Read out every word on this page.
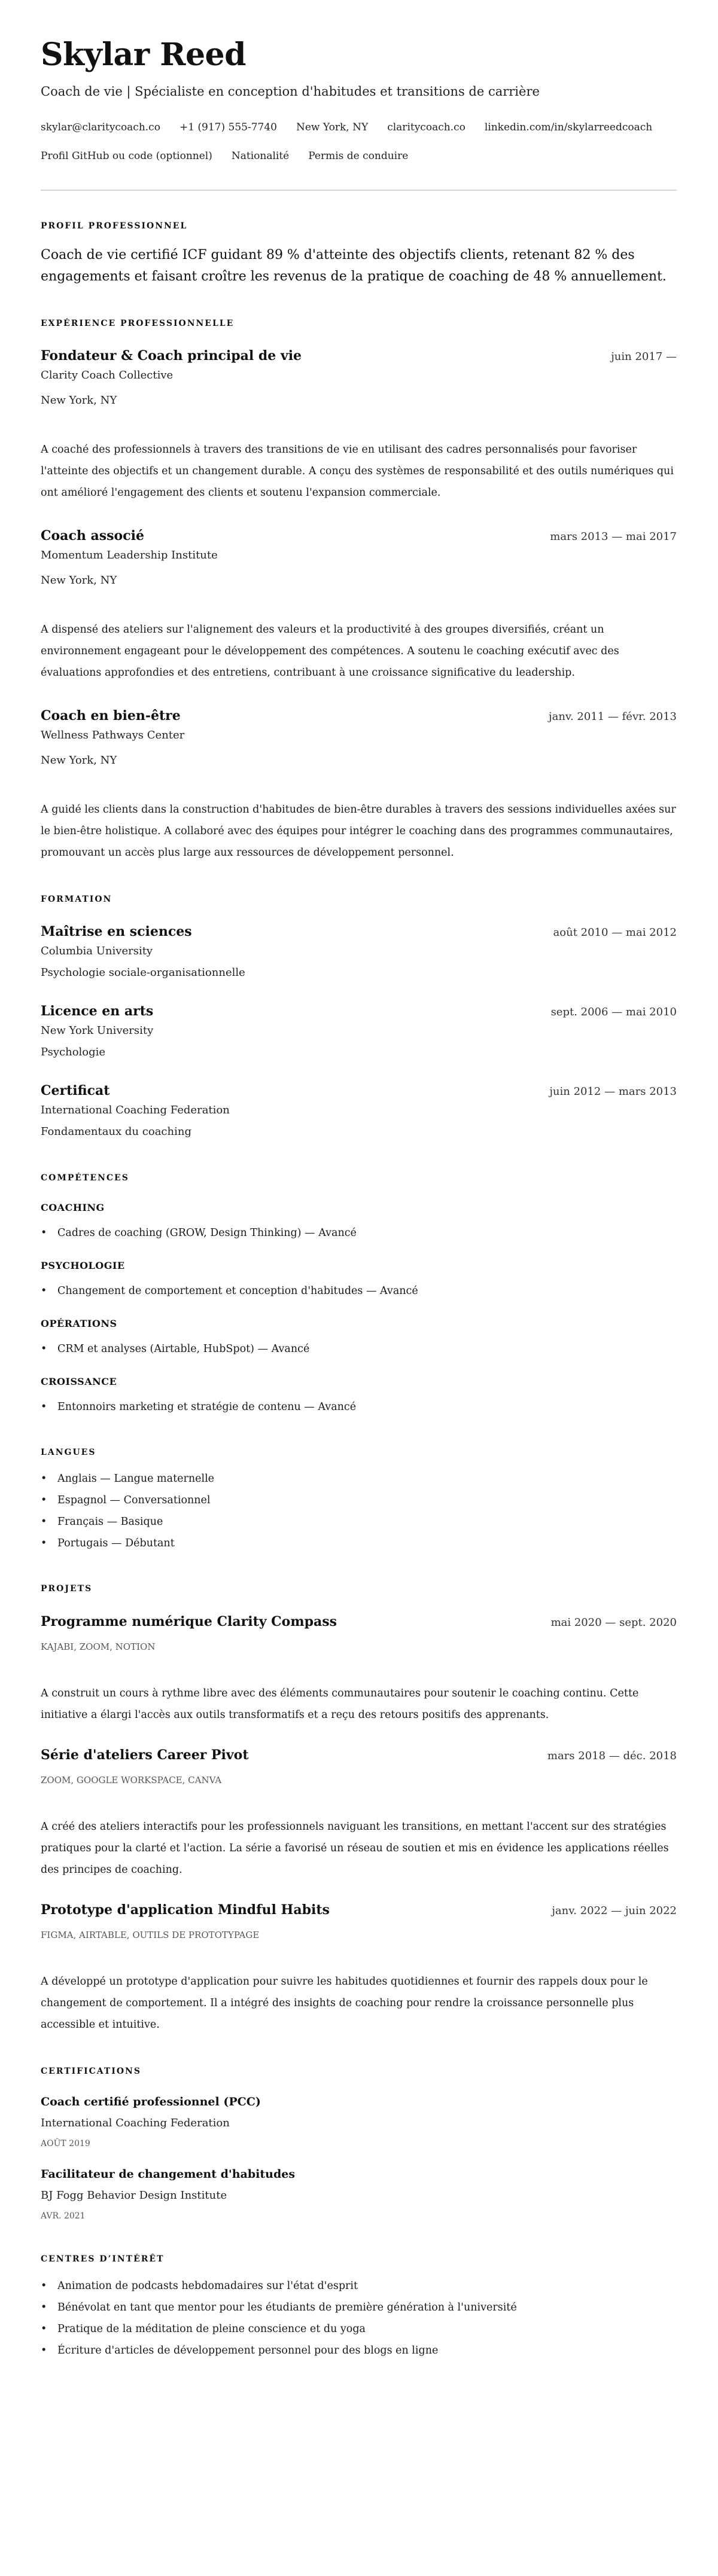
Skylar Reed
Coach de vie | Spécialiste en conception d'habitudes et transitions de carrière
skylar@claritycoach.co +1 (917) 555-7740 New York, NY claritycoach.co linkedin.com/in/skylarreedcoach
Profil GitHub ou code (optionnel) Nationalité Permis de conduire
PROFIL PROFESSIONNEL

Coach de vie certifié ICF guidant 89 % d'atteinte des objectifs clients, retenant 82 % des engagements et faisant croître les revenus de la pratique de coaching de 48 % annuellement.

EXPÉRIENCE PROFESSIONNELLE
Fondateur & Coach principal de vie	juin 2017 —
Clarity Coach Collective
New York, NY
A coaché des professionnels à travers des transitions de vie en utilisant des cadres personnalisés pour favoriser l'atteinte des objectifs et un changement durable. A conçu des systèmes de responsabilité et des outils numériques qui ont amélioré l'engagement des clients et soutenu l'expansion commerciale.
Coach associé	mars 2013 — mai 2017
Momentum Leadership Institute
New York, NY
A dispensé des ateliers sur l'alignement des valeurs et la productivité à des groupes diversifiés, créant un environnement engageant pour le développement des compétences. A soutenu le coaching exécutif avec des évaluations approfondies et des entretiens, contribuant à une croissance significative du leadership.
Coach en bien-être	janv. 2011 — févr. 2013
Wellness Pathways Center
New York, NY
A guidé les clients dans la construction d'habitudes de bien-être durables à travers des sessions individuelles axées sur le bien-être holistique. A collaboré avec des équipes pour intégrer le coaching dans des programmes communautaires, promouvant un accès plus large aux ressources de développement personnel.
FORMATION
Maîtrise en sciences	août 2010 — mai 2012
Columbia University
Psychologie sociale-organisationnelle
Licence en arts	sept. 2006 — mai 2010
New York University
Psychologie
Certificat	juin 2012 — mars 2013
International Coaching Federation
Fondamentaux du coaching
COMPÉTENCES
COACHING
• Cadres de coaching (GROW, Design Thinking) — Avancé
PSYCHOLOGIE
• Changement de comportement et conception d'habitudes — Avancé
OPÉRATIONS
• CRM et analyses (Airtable, HubSpot) — Avancé
CROISSANCE
• Entonnoirs marketing et stratégie de contenu — Avancé
LANGUES
• Anglais — Langue maternelle
• Espagnol — Conversationnel
• Français — Basique
• Portugais — Débutant
PROJETS
Programme numérique Clarity Compass	mai 2020 — sept. 2020
KAJABI, ZOOM, NOTION
A construit un cours à rythme libre avec des éléments communautaires pour soutenir le coaching continu. Cette initiative a élargi l'accès aux outils transformatifs et a reçu des retours positifs des apprenants.
Série d'ateliers Career Pivot	mars 2018 — déc. 2018
ZOOM, GOOGLE WORKSPACE, CANVA
A créé des ateliers interactifs pour les professionnels naviguant les transitions, en mettant l'accent sur des stratégies pratiques pour la clarté et l'action. La série a favorisé un réseau de soutien et mis en évidence les applications réelles des principes de coaching.
Prototype d'application Mindful Habits	janv. 2022 — juin 2022
FIGMA, AIRTABLE, OUTILS DE PROTOTYPAGE
A développé un prototype d'application pour suivre les habitudes quotidiennes et fournir des rappels doux pour le changement de comportement. Il a intégré des insights de coaching pour rendre la croissance personnelle plus accessible et intuitive.
CERTIFICATIONS
Coach certifié professionnel (PCC)
International Coaching Federation
AOÛT 2019
Facilitateur de changement d'habitudes
BJ Fogg Behavior Design Institute
AVR. 2021
CENTRES D’INTÉRÊT
• Animation de podcasts hebdomadaires sur l'état d'esprit
• Bénévolat en tant que mentor pour les étudiants de première génération à l'université
• Pratique de la méditation de pleine conscience et du yoga
• Écriture d'articles de développement personnel pour des blogs en ligne
